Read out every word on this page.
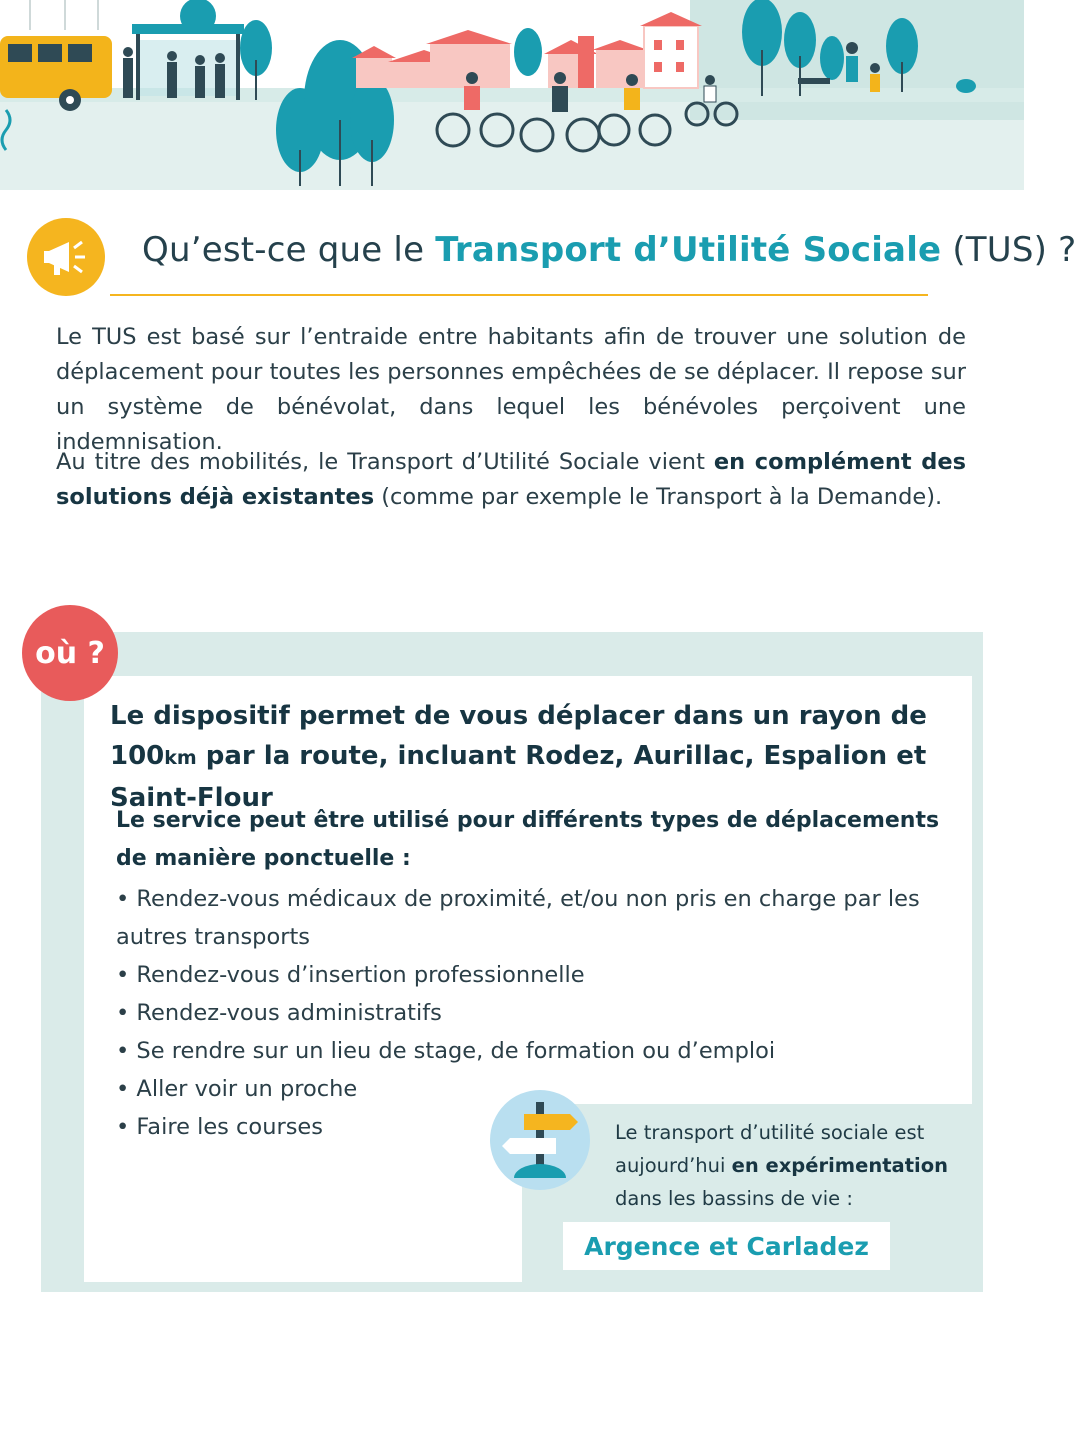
Qu’est-ce que le Transport d’Utilité Sociale (TUS) ?

Le TUS est basé sur l’entraide entre habitants afin de trouver une solution de déplacement pour toutes les personnes empêchées de se déplacer. Il repose sur un système de bénévolat, dans lequel les bénévoles perçoivent une indemnisation.

Au titre des mobilités, le Transport d’Utilité Sociale vient en complément des solutions déjà existantes (comme par exemple le Transport à la Demande).

où ?

Le dispositif permet de vous déplacer dans un rayon de 100km par la route, incluant Rodez, Aurillac, Espalion et Saint-Flour

Le service peut être utilisé pour différents types de déplacements de manière ponctuelle :

• Rendez-vous médicaux de proximité, et/ou non pris en charge par les autres transports
• Rendez-vous d’insertion professionnelle
• Rendez-vous administratifs
• Se rendre sur un lieu de stage, de formation ou d’emploi
• Aller voir un proche
• Faire les courses	Le transport d’utilité sociale est aujourd’hui en expérimentation dans les bassins de vie :

Argence et Carladez
